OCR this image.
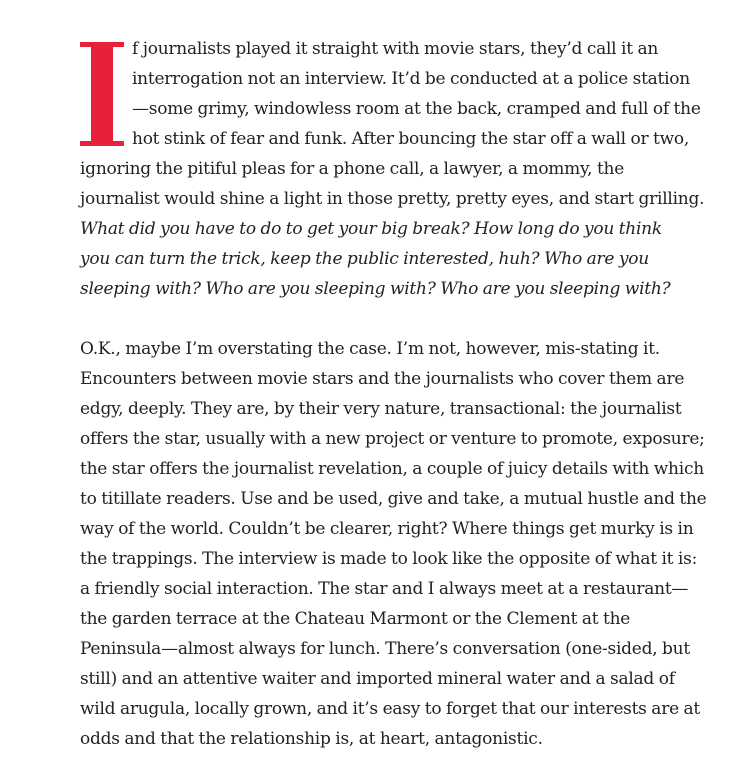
f journalists played it straight with movie stars, they’d call it an
interrogation not an interview. It’d be conducted at a police station
—some grimy, windowless room at the back, cramped and full of the
hot stink of fear and funk. After bouncing the star off a wall or two,
ignoring the pitiful pleas for a phone call, a lawyer, a mommy, the
journalist would shine a light in those pretty, pretty eyes, and start grilling.
What did you have to do to get your big break? How long do you think
you can turn the trick, keep the public interested, huh? Who are you
sleeping with? Who are you sleeping with? Who are you sleeping with?

O.K., maybe I’m overstating the case. I’m not, however, mis-stating it.
Encounters between movie stars and the journalists who cover them are
edgy, deeply. They are, by their very nature, transactional: the journalist
offers the star, usually with a new project or venture to promote, exposure;
the star offers the journalist revelation, a couple of juicy details with which
to titillate readers. Use and be used, give and take, a mutual hustle and the
way of the world. Couldn’t be clearer, right? Where things get murky is in
the trappings. The interview is made to look like the opposite of what it is:
a friendly social interaction. The star and I always meet at a restaurant—
the garden terrace at the Chateau Marmont or the Clement at the
Peninsula—almost always for lunch. There’s conversation (one-sided, but
still) and an attentive waiter and imported mineral water and a salad of
wild arugula, locally grown, and it’s easy to forget that our interests are at
odds and that the relationship is, at heart, antagonistic.
